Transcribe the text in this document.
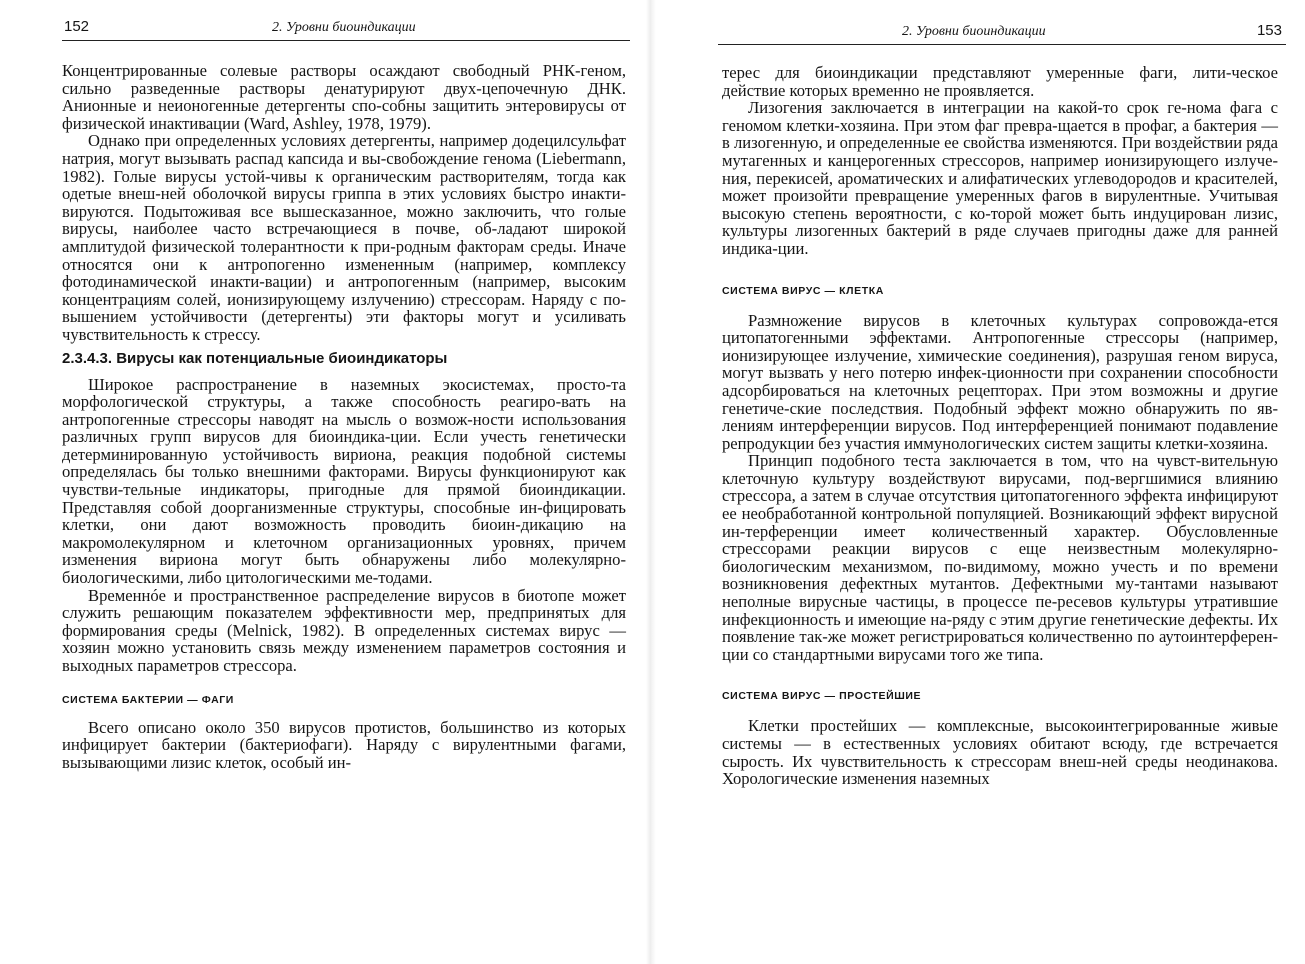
152	2. Уровни биоиндикации

Концентрированные солевые растворы осаждают свободный РНК-геном, сильно разведенные растворы денатурируют двух-цепочечную ДНК. Анионные и неионогенные детергенты спо-собны защитить энтеровирусы от физической инактивации (Ward, Ashley, 1978, 1979).

Однако при определенных условиях детергенты, например додецилсульфат натрия, могут вызывать распад капсида и вы-свобождение генома (Liebermann, 1982). Голые вирусы устой-чивы к органическим растворителям, тогда как одетые внеш-ней оболочкой вирусы гриппа в этих условиях быстро инакти-вируются. Подытоживая все вышесказанное, можно заключить, что голые вирусы, наиболее часто встречающиеся в почве, об-ладают широкой амплитудой физической толерантности к при-родным факторам среды. Иначе относятся они к антропогенно измененным (например, комплексу фотодинамической инакти-вации) и антропогенным (например, высоким концентрациям солей, ионизирующему излучению) стрессорам. Наряду с по-вышением устойчивости (детергенты) эти факторы могут и усиливать чувствительность к стрессу.

2.3.4.3. Вирусы как потенциальные биоиндикаторы

Широкое распространение в наземных экосистемах, просто-та морфологической структуры, а также способность реагиро-вать на антропогенные стрессоры наводят на мысль о возмож-ности использования различных групп вирусов для биоиндика-ции. Если учесть генетически детерминированную устойчивость вириона, реакция подобной системы определялась бы только внешними факторами. Вирусы функционируют как чувстви-тельные индикаторы, пригодные для прямой биоиндикации. Представляя собой доорганизменные структуры, способные ин-фицировать клетки, они дают возможность проводить биоин-дикацию на макромолекулярном и клеточном организационных уровнях, причем изменения вириона могут быть обнаружены либо молекулярно-биологическими, либо цитологическими ме-тодами.

Временнóе и пространственное распределение вирусов в биотопе может служить решающим показателем эффективности мер, предпринятых для формирования среды (Melnick, 1982). В определенных системах вирус — хозяин можно установить связь между изменением параметров состояния и выходных параметров стрессора.

СИСТЕМА БАКТЕРИИ — ФАГИ

Всего описано около 350 вирусов протистов, большинство из которых инфицирует бактерии (бактериофаги). Наряду с вирулентными фагами, вызывающими лизис клеток, особый ин-

2. Уровни биоиндикации	153

терес для биоиндикации представляют умеренные фаги, лити-ческое действие которых временно не проявляется.

Лизогения заключается в интеграции на какой-то срок ге-нома фага с геномом клетки-хозяина. При этом фаг превра-щается в профаг, а бактерия — в лизогенную, и определенные ее свойства изменяются. При воздействии ряда мутагенных и канцерогенных стрессоров, например ионизирующего излуче-ния, перекисей, ароматических и алифатических углеводородов и красителей, может произойти превращение умеренных фагов в вирулентные. Учитывая высокую степень вероятности, с ко-торой может быть индуцирован лизис, культуры лизогенных бактерий в ряде случаев пригодны даже для ранней индика-ции.

СИСТЕМА ВИРУС — КЛЕТКА

Размножение вирусов в клеточных культурах сопровожда-ется цитопатогенными эффектами. Антропогенные стрессоры (например, ионизирующее излучение, химические соединения), разрушая геном вируса, могут вызвать у него потерю инфек-ционности при сохранении способности адсорбироваться на клеточных рецепторах. При этом возможны и другие генетиче-ские последствия. Подобный эффект можно обнаружить по яв-лениям интерференции вирусов. Под интерференцией понимают подавление репродукции без участия иммунологических систем защиты клетки-хозяина.

Принцип подобного теста заключается в том, что на чувст-вительную клеточную культуру воздействуют вирусами, под-вергшимися влиянию стрессора, а затем в случае отсутствия цитопатогенного эффекта инфицируют ее необработанной контрольной популяцией. Возникающий эффект вирусной ин-терференции имеет количественный характер. Обусловленные стрессорами реакции вирусов с еще неизвестным молекулярно-биологическим механизмом, по-видимому, можно учесть и по времени возникновения дефектных мутантов. Дефектными му-тантами называют неполные вирусные частицы, в процессе пе-ресевов культуры утратившие инфекционность и имеющие на-ряду с этим другие генетические дефекты. Их появление так-же может регистрироваться количественно по аутоинтерферен-ции со стандартными вирусами того же типа.

СИСТЕМА ВИРУС — ПРОСТЕЙШИЕ

Клетки простейших — комплексные, высокоинтегрированные живые системы — в естественных условиях обитают всюду, где встречается сырость. Их чувствительность к стрессорам внеш-ней среды неодинакова. Хорологические изменения наземных
